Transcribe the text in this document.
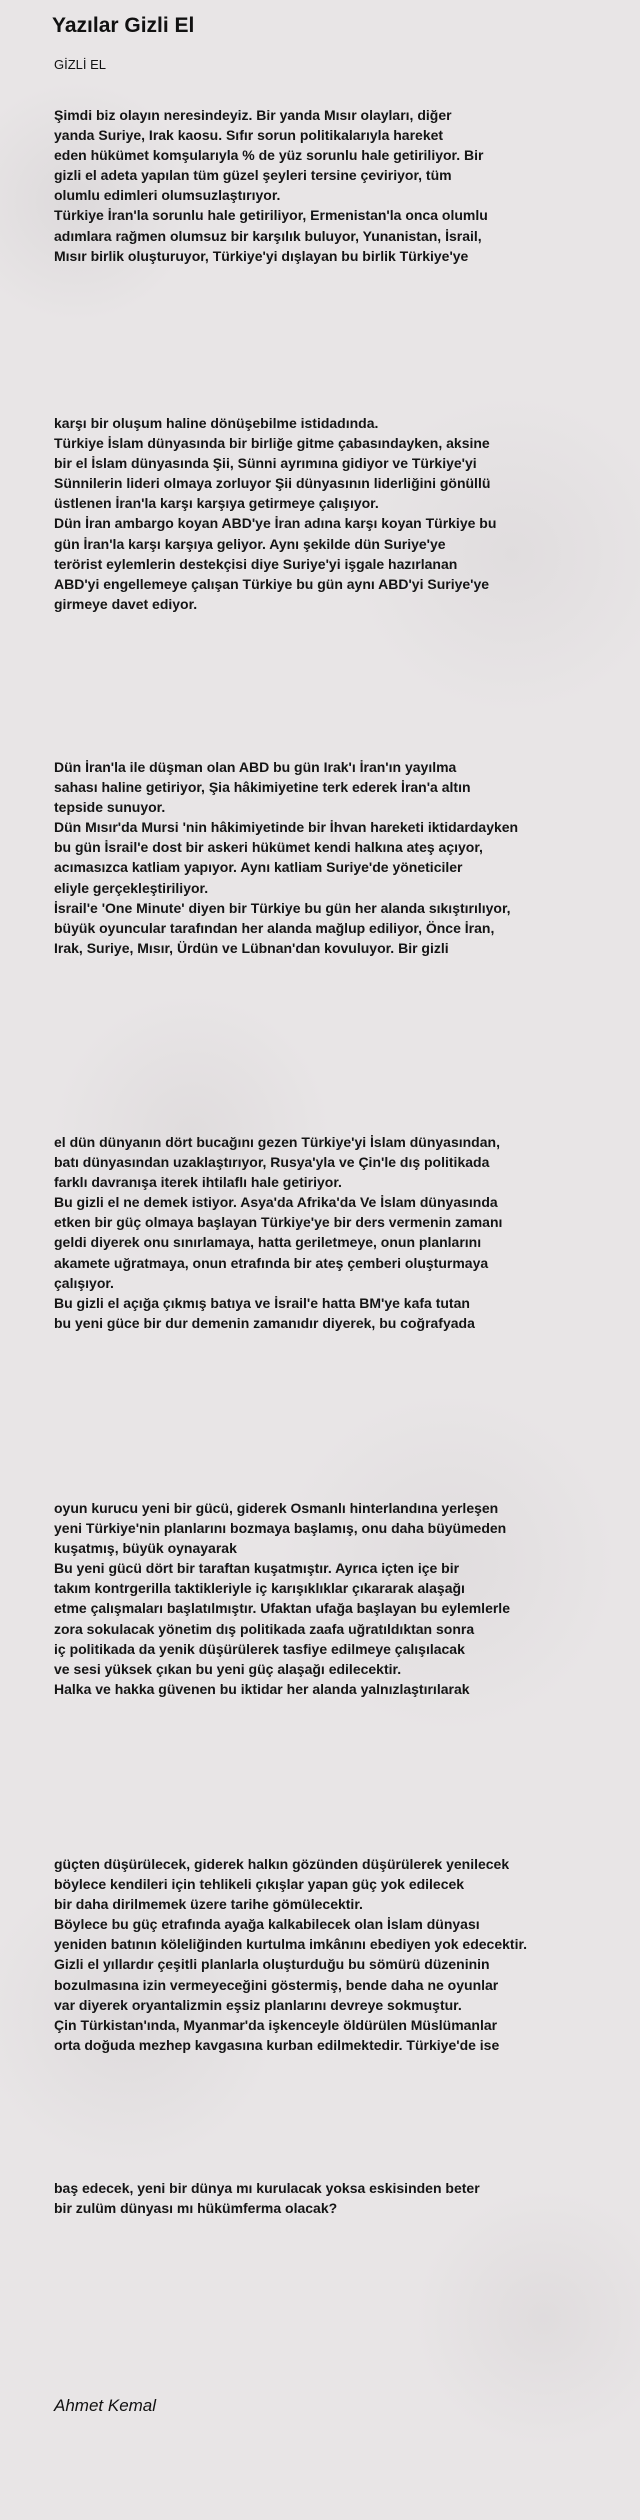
Yazılar Gizli El

GİZLİ EL

Şimdi biz olayın neresindeyiz. Bir yanda Mısır olayları, diğer
yanda Suriye, Irak kaosu. Sıfır sorun politikalarıyla hareket
eden hükümet komşularıyla % de yüz sorunlu hale getiriliyor. Bir
gizli el adeta yapılan tüm güzel şeyleri tersine çeviriyor, tüm
olumlu edimleri olumsuzlaştırıyor.
Türkiye İran'la sorunlu hale getiriliyor, Ermenistan'la onca olumlu
adımlara rağmen olumsuz bir karşılık buluyor, Yunanistan, İsrail,
Mısır birlik oluşturuyor, Türkiye'yi dışlayan bu birlik Türkiye'ye
karşı bir oluşum haline dönüşebilme istidadında.
Türkiye İslam dünyasında bir birliğe gitme çabasındayken, aksine
bir el İslam dünyasında Şii, Sünni ayrımına gidiyor ve Türkiye'yi
Sünnilerin lideri olmaya zorluyor Şii dünyasının liderliğini gönüllü
üstlenen İran'la karşı karşıya getirmeye çalışıyor.
Dün İran ambargo koyan ABD'ye İran adına karşı koyan Türkiye bu
gün İran'la karşı karşıya geliyor. Aynı şekilde dün Suriye'ye
terörist eylemlerin destekçisi diye Suriye'yi işgale hazırlanan
ABD'yi engellemeye çalışan Türkiye bu gün aynı ABD'yi Suriye'ye
girmeye davet ediyor.
Dün İran'la ile düşman olan ABD bu gün Irak'ı İran'ın yayılma
sahası haline getiriyor, Şia hâkimiyetine terk ederek İran'a altın
tepside sunuyor.
Dün Mısır'da Mursi 'nin hâkimiyetinde bir İhvan hareketi iktidardayken
bu gün İsrail'e dost bir askeri hükümet kendi halkına ateş açıyor,
acımasızca katliam yapıyor. Aynı katliam Suriye'de yöneticiler
eliyle gerçekleştiriliyor.
İsrail'e 'One Minute' diyen bir Türkiye bu gün her alanda sıkıştırılıyor,
büyük oyuncular tarafından her alanda mağlup ediliyor, Önce İran,
Irak, Suriye, Mısır, Ürdün ve Lübnan'dan kovuluyor. Bir gizli
el dün dünyanın dört bucağını gezen Türkiye'yi İslam dünyasından,
batı dünyasından uzaklaştırıyor, Rusya'yla ve Çin'le dış politikada
farklı davranışa iterek ihtilaflı hale getiriyor.
Bu gizli el ne demek istiyor. Asya'da Afrika'da Ve İslam dünyasında
etken bir güç olmaya başlayan Türkiye'ye bir ders vermenin zamanı
geldi diyerek onu sınırlamaya, hatta geriletmeye, onun planlarını
akamete uğratmaya, onun etrafında bir ateş çemberi oluşturmaya
çalışıyor.
Bu gizli el açığa çıkmış batıya ve İsrail'e hatta BM'ye kafa tutan
bu yeni güce bir dur demenin zamanıdır diyerek, bu coğrafyada
oyun kurucu yeni bir gücü, giderek Osmanlı hinterlandına yerleşen
yeni Türkiye'nin planlarını bozmaya başlamış, onu daha büyümeden
kuşatmış, büyük oynayarak
Bu yeni gücü dört bir taraftan kuşatmıştır. Ayrıca içten içe bir
takım kontrgerilla taktikleriyle iç karışıklıklar çıkararak alaşağı
etme çalışmaları başlatılmıştır. Ufaktan ufağa başlayan bu eylemlerle
zora sokulacak yönetim dış politikada zaafa uğratıldıktan sonra
iç politikada da yenik düşürülerek tasfiye edilmeye çalışılacak
ve sesi yüksek çıkan bu yeni güç alaşağı edilecektir.
Halka ve hakka güvenen bu iktidar her alanda yalnızlaştırılarak
güçten düşürülecek, giderek halkın gözünden düşürülerek yenilecek
böylece kendileri için tehlikeli çıkışlar yapan güç yok edilecek
bir daha dirilmemek üzere tarihe gömülecektir.
Böylece bu güç etrafında ayağa kalkabilecek olan İslam dünyası
yeniden batının köleliğinden kurtulma imkânını ebediyen yok edecektir.
Gizli el yıllardır çeşitli planlarla oluşturduğu bu sömürü düzeninin
bozulmasına izin vermeyeceğini göstermiş, bende daha ne oyunlar
var diyerek oryantalizmin eşsiz planlarını devreye sokmuştur.
Çin Türkistan'ında, Myanmar'da işkenceyle öldürülen Müslümanlar
orta doğuda mezhep kavgasına kurban edilmektedir. Türkiye'de ise
baş edecek, yeni bir dünya mı kurulacak yoksa eskisinden beter
bir zulüm dünyası mı hükümferma olacak?

Ahmet Kemal
